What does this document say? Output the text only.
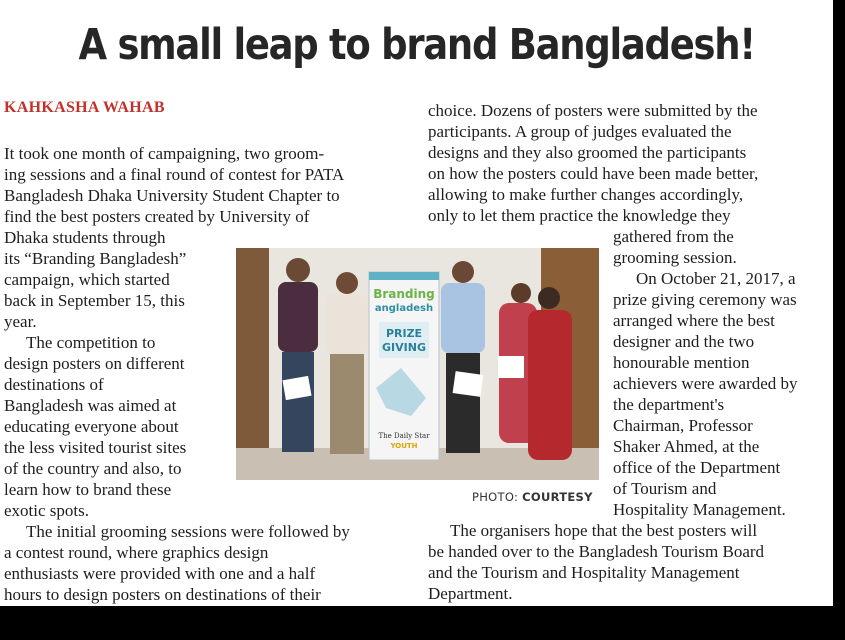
A small leap to brand Bangladesh!
KAHKASHA WAHAB
It took one month of campaigning, two groom-
ing sessions and a final round of contest for PATA
Bangladesh Dhaka University Student Chapter to
find the best posters created by University of
Dhaka students through
its “Branding Bangladesh”
campaign, which started
back in September 15, this
year.
The competition to
design posters on different
destinations of
Bangladesh was aimed at
educating everyone about
the less visited tourist sites
of the country and also, to
learn how to brand these
exotic spots.
The initial grooming sessions were followed by
a contest round, where graphics design
enthusiasts were provided with one and a half
hours to design posters on destinations of their
choice. Dozens of posters were submitted by the
participants. A group of judges evaluated the
designs and they also groomed the participants
on how the posters could have been made better,
allowing to make further changes accordingly,
only to let them practice the knowledge they
gathered from the
grooming session.
On October 21, 2017, a
prize giving ceremony was
arranged where the best
designer and the two
honourable mention
achievers were awarded by
the department's
Chairman, Professor
Shaker Ahmed, at the
office of the Department
of Tourism and
Hospitality Management.
The organisers hope that the best posters will
be handed over to the Bangladesh Tourism Board
and the Tourism and Hospitality Management
Department.
Branding
angladesh
PRIZE
GIVING
The Daily Star
YOUTH
PHOTO: COURTESY
